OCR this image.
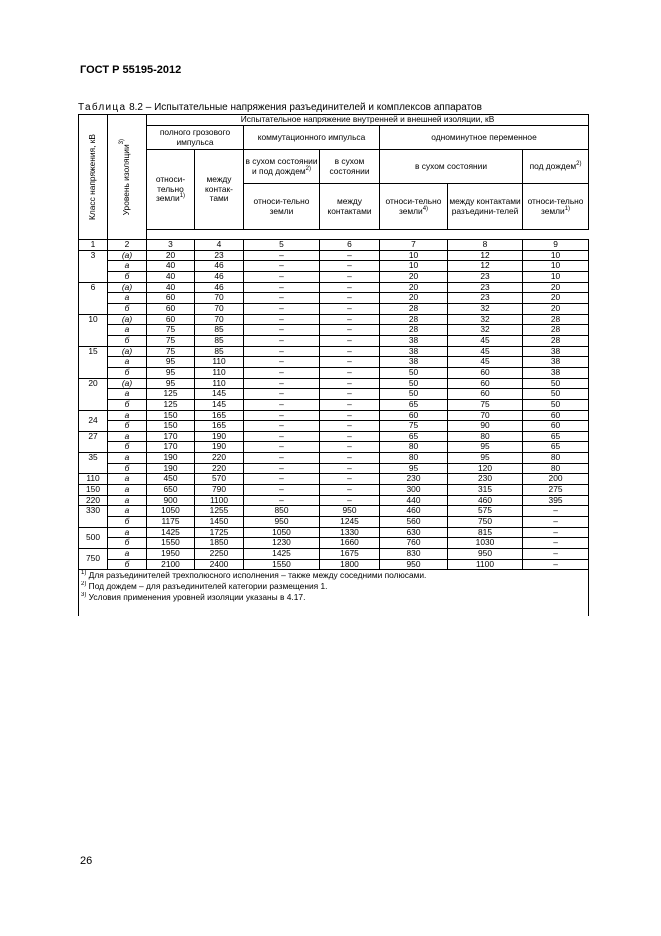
ГОСТ Р 55195-2012
Таблица 8.2 – Испытательные напряжения разъединителей и комплексов аппаратов
Класс напряжения, кВ	Уровень изоляции$^{3)}$	Испытательное напряжение внутренней и внешней изоляции, кВ						
		полного грозового импульса		коммутационного импульса		одноминутное переменное		
		относи-тельно земли$^{1)}$	между контак-тами	в сухом состоянии и под дождем$^{2)}$	в сухом состоянии	в сухом состоянии		под дождем$^{2)}$
				относи-тельно земли	между контактами	относи-тельно земли$^{4)}$	между контактами разъедини-телей	относи-тельно земли$^{1)}$

1	2	3	4	5	6	7	8	9
3	(а)	20	23	–	–	10	12	10
	а	40	46	–	–	10	12	10
	б	40	46	–	–	20	23	10
6	(а)	40	46	–	–	20	23	20
	а	60	70	–	–	20	23	20
	б	60	70	–	–	28	32	20
10	(а)	60	70	–	–	28	32	28
	а	75	85	–	–	28	32	28
	б	75	85	–	–	38	45	28
15	(а)	75	85	–	–	38	45	38
	а	95	110	–	–	38	45	38
	б	95	110	–	–	50	60	38
20	(а)	95	110	–	–	50	60	50
	а	125	145	–	–	50	60	50
	б	125	145	–	–	65	75	50
24	а	150	165	–	–	60	70	60
	б	150	165	–	–	75	90	60
27	а	170	190	–	–	65	80	65
	б	170	190	–	–	80	95	65
35	а	190	220	–	–	80	95	80
	б	190	220	–	–	95	120	80
110	а	450	570	–	–	230	230	200
150	а	650	790	–	–	300	315	275
220	а	900	1100	–	–	440	460	395
330	а	1050	1255	850	950	460	575	–
	б	1175	1450	950	1245	560	750	–
500	а	1425	1725	1050	1330	630	815	–
	б	1550	1850	1230	1660	760	1030	–
750	а	1950	2250	1425	1675	830	950	–
	б	2100	2400	1550	1800	950	1100	–
$^{1)}$ Для разъединителей трехполюсного исполнения – также между соседними полюсами.								
$^{2)}$ Под дождем – для разъединителей категории размещения 1.								
$^{3)}$ Условия применения уровней изоляции указаны в 4.17.								
26
